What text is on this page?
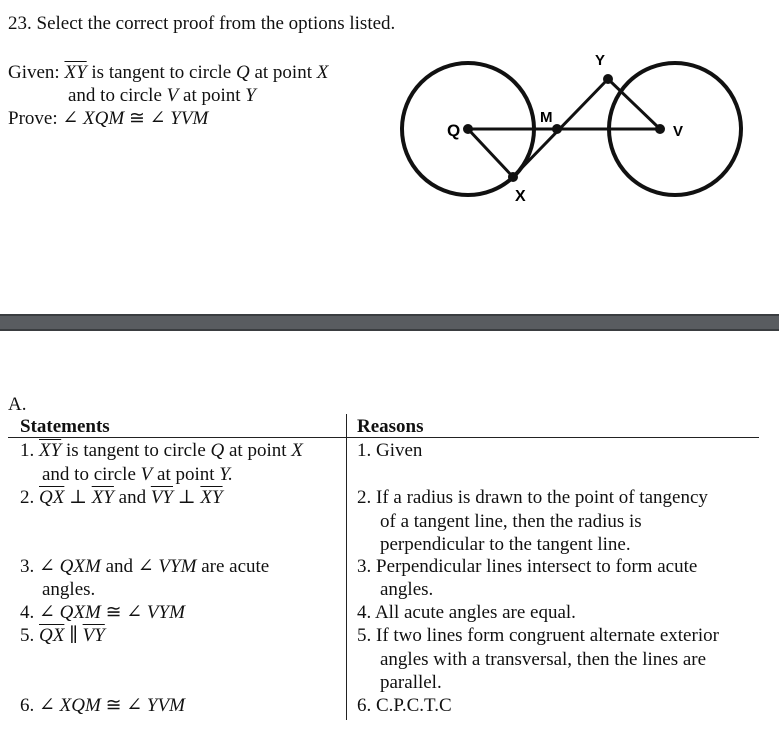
23. Select the correct proof from the options listed.
Given: $\overline{XY}$ is tangent to circle Q at point X
and to circle V at point Y
Prove: ∠ XQM ≅ ∠ YVM
Q	V
M
X
Y
A.
Statements	Reasons
1. $\overline{XY}$ is tangent to circle Q at point X
and to circle V at point Y.
2. $\overline{QX}$ ⊥ $\overline{XY}$ and $\overline{VY}$ ⊥ $\overline{XY}$
3. ∠ QXM and ∠ VYM are acute
angles.
4. ∠ QXM ≅ ∠ VYM
5. $\overline{QX}$ ∥ $\overline{VY}$
6. ∠ XQM ≅ ∠ YVM
1. Given
2. If a radius is drawn to the point of tangency
of a tangent line, then the radius is
perpendicular to the tangent line.
3. Perpendicular lines intersect to form acute
angles.
4. All acute angles are equal.
5. If two lines form congruent alternate exterior
angles with a transversal, then the lines are
parallel.
6. C.P.C.T.C
